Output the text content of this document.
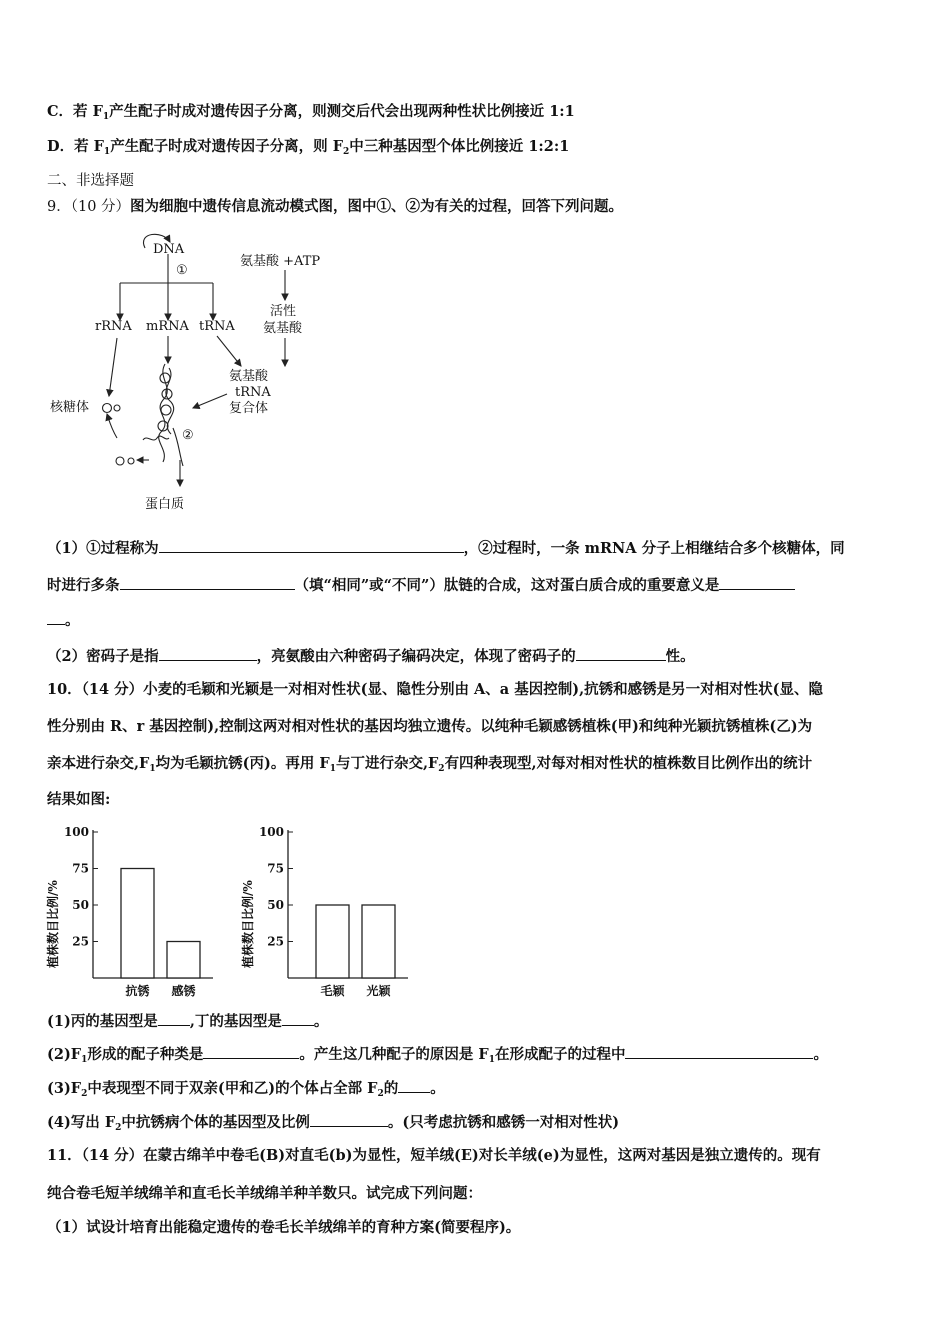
C．若 $F_1$产生配子时成对遗传因子分离，则测交后代会出现两种性状比例接近 1:1
D．若 $F_1$产生配子时成对遗传因子分离，则 $F_2$中三种基因型个体比例接近 1:2:1
二、非选择题
9．（10 分）图为细胞中遗传信息流动模式图，图中①、②为有关的过程，回答下列问题。
DNA
①
rRNA mRNA tRNA
氨基酸 +ATP
活性
氨基酸
氨基酸
tRNA
复合体
核糖体
②
蛋白质
（1）①过程称为	，②过程时，一条 mRNA 分子上相继结合多个核糖体，同
时进行多条	（填“相同”或“不同”）肽链的合成，这对蛋白质合成的重要意义是
。
（2）密码子是指	，亮氨酸由六种密码子编码决定，体现了密码子的	性。
10．（14 分）小麦的毛颖和光颖是一对相对性状(显、隐性分别由 A、a 基因控制),抗锈和感锈是另一对相对性状(显、隐
性分别由 R、r 基因控制),控制这两对相对性状的基因均独立遗传。以纯种毛颖感锈植株(甲)和纯种光颖抗锈植株(乙)为
亲本进行杂交$,F_1$均为毛颖抗锈(丙)。再用 $F_1$与丁进行杂交$,F_2$有四种表现型,对每对相对性状的植株数目比例作出的统计
结果如图:
25
50
75
100
植株数目比例/%
抗锈 感锈
25
50
75
100
植株数目比例/%
毛颖 光颖
(1)丙的基因型是 ,丁的基因型是 。
$(2)F_1$形成的配子种类是	。产生这几种配子的原因是 $F_1$在形成配子的过程中	。
$(3)F_2$中表现型不同于双亲(甲和乙)的个体占全部 $F_2$的 。
(4)写出 $F_2$中抗锈病个体的基因型及比例	。(只考虑抗锈和感锈一对相对性状)
11．（14 分）在蒙古绵羊中卷毛(B)对直毛(b)为显性，短羊绒(E)对长羊绒(e)为显性，这两对基因是独立遗传的。现有
纯合卷毛短羊绒绵羊和直毛长羊绒绵羊种羊数只。试完成下列问题：
（1）试设计培育出能稳定遗传的卷毛长羊绒绵羊的育种方案(简要程序)。
